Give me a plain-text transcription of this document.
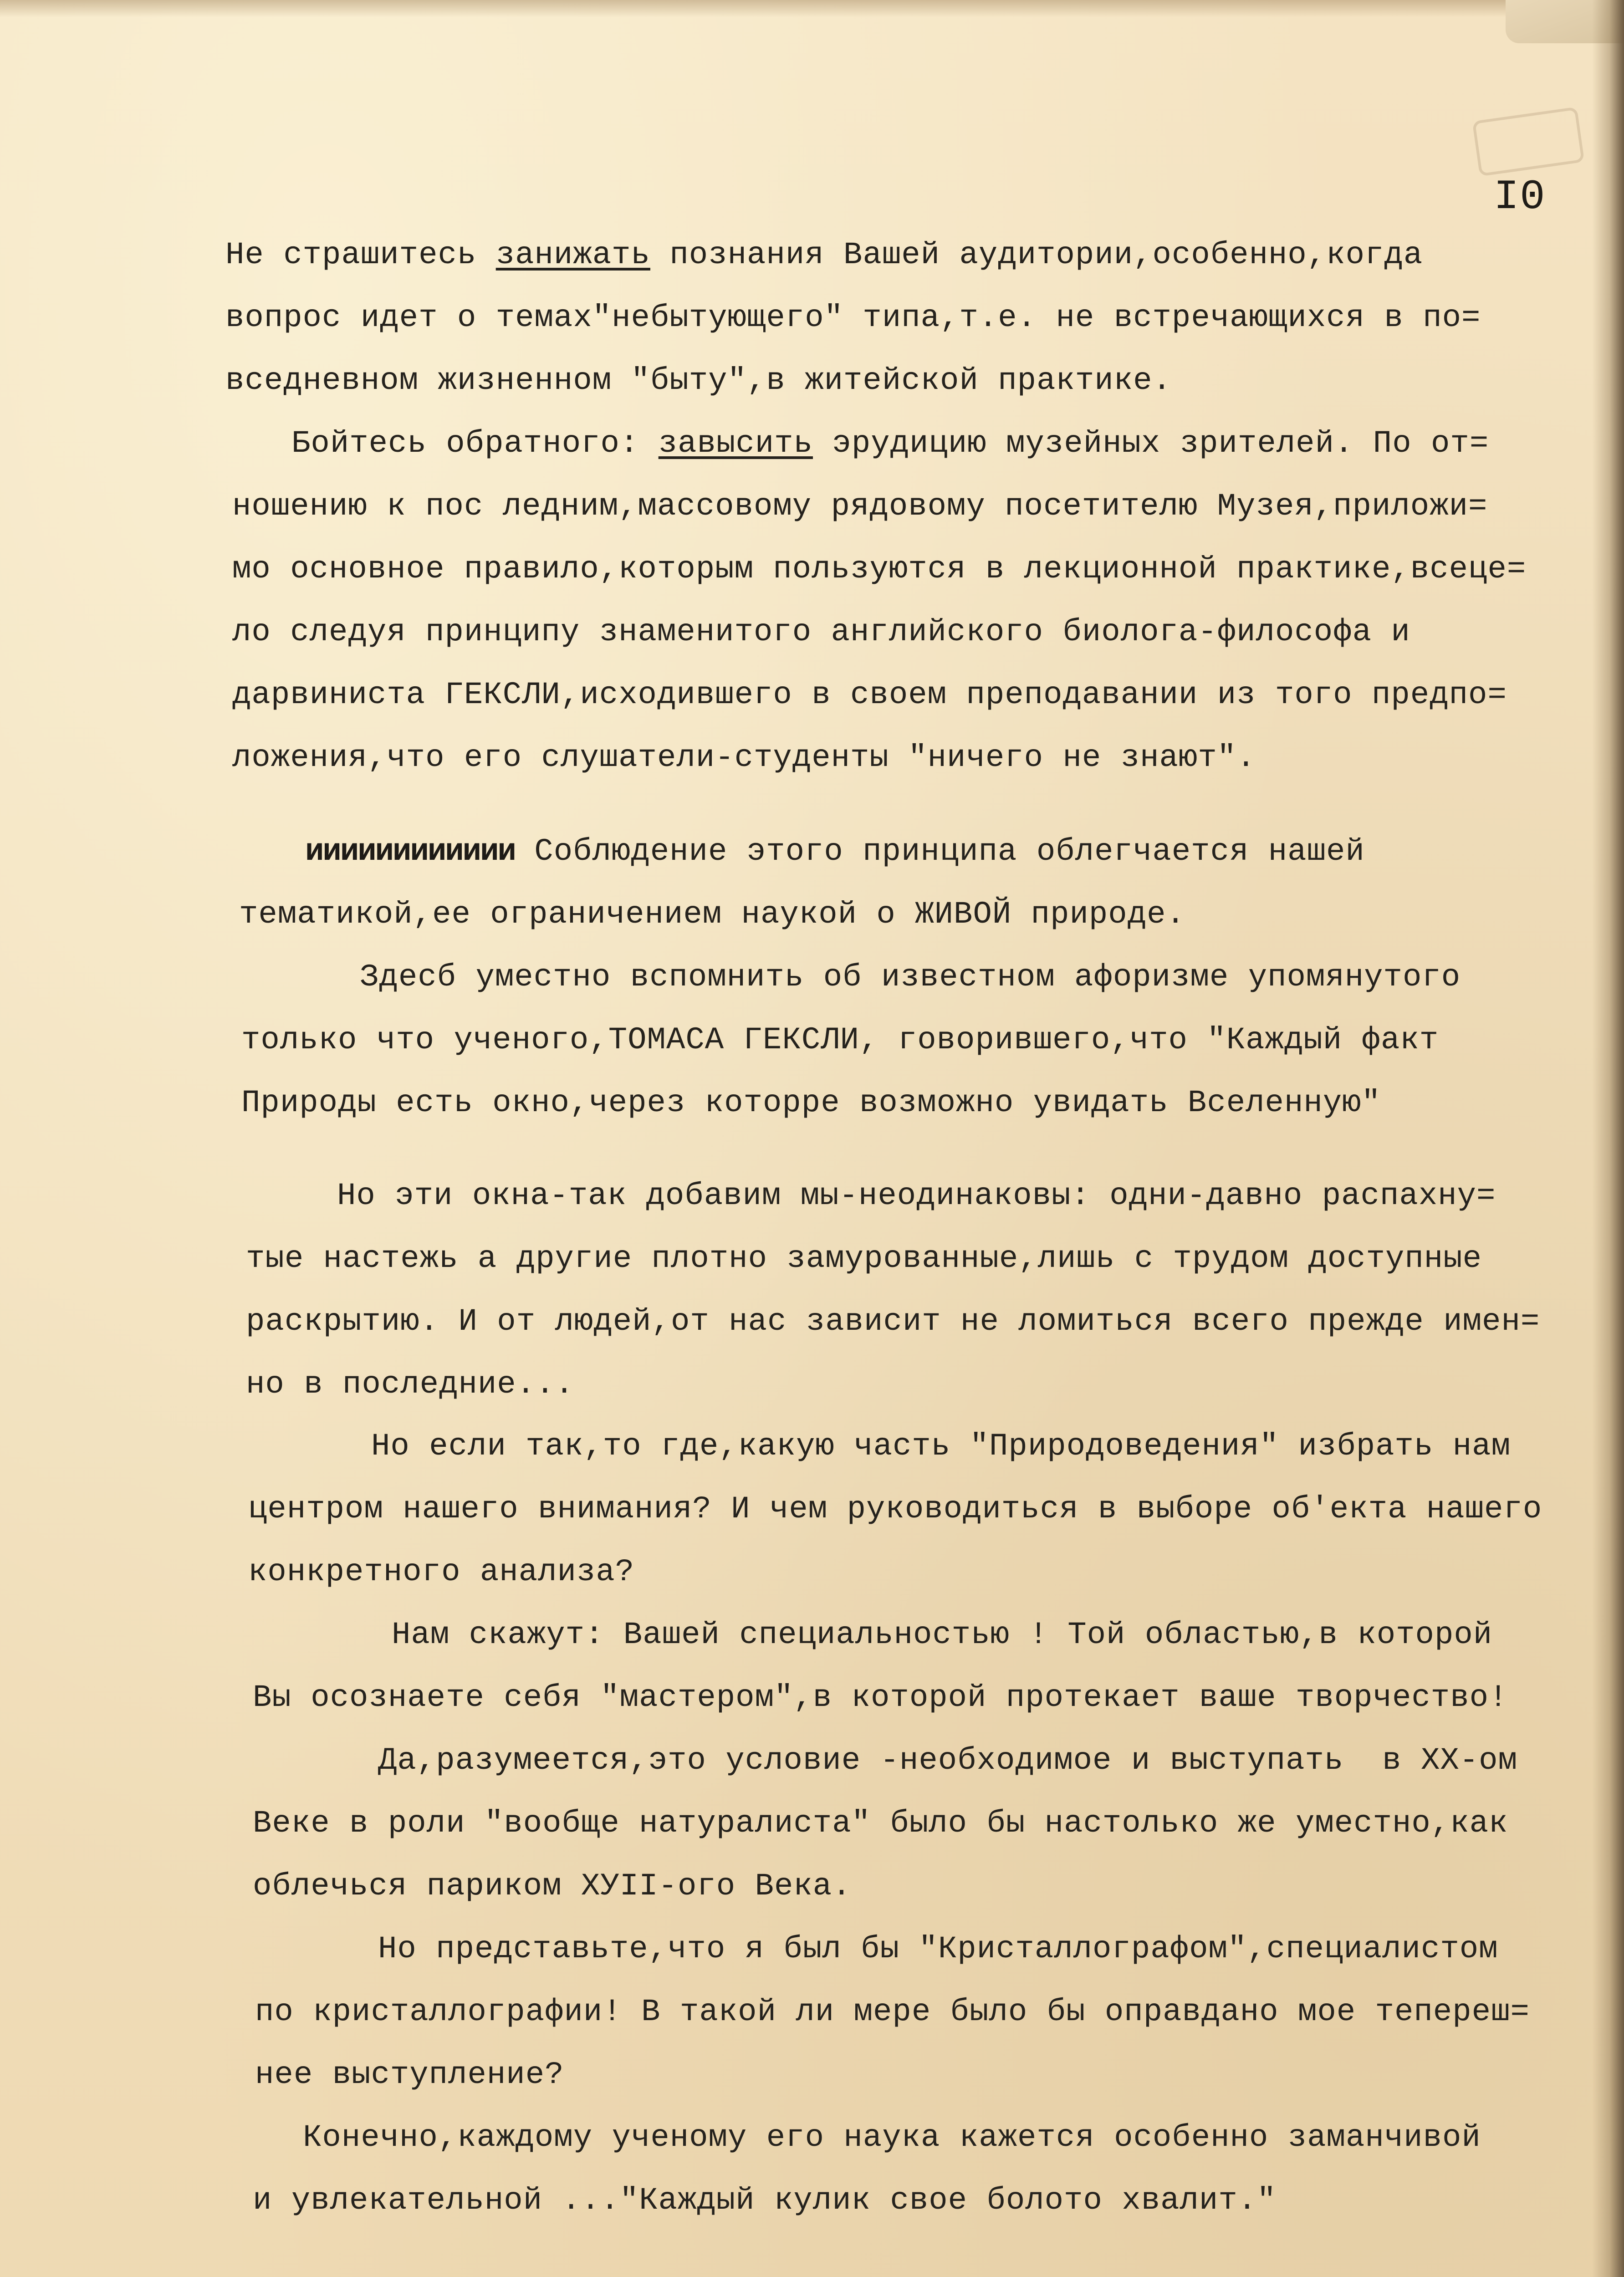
I0
Не страшитесь занижать познания Вашей аудитории,особенно,когда
вопрос идет о темах"небытующего" типа,т.е. не встречающихся в по=
вседневном жизненном "быту",в житейской практике.
Бойтесь обратного: завысить эрудицию музейных зрителей. По от=
ношению к пос ледним,массовому рядовому посетителю Музея,приложи=
мо основное правило,которым пользуются в лекционной практике,всеце=
ло следуя принципу знаменитого английского биолога-философа и
дарвиниста ГЕКСЛИ,исходившего в своем преподавании из того предпо=
ложения,что его слушатели-студенты "ничего не знают".
ииииииииииии Соблюдение этого принципа облегчается нашей
тематикой,ее ограничением наукой о ЖИВОЙ природе.
Здесб уместно вспомнить об известном афоризме упомянутого
только что ученого,ТОМАСА ГЕКСЛИ, говорившего,что "Каждый факт
Природы есть окно,через которре возможно увидать Вселенную"
Но эти окна-так добавим мы-неодинаковы: одни-давно распахну=
тые настежь а другие плотно замурованные,лишь с трудом доступные
раскрытию. И от людей,от нас зависит не ломиться всего прежде имен=
но в последние...
Но если так,то где,какую часть "Природоведения" избрать нам
центром нашего внимания? И чем руководиться в выборе об'екта нашего
конкретного анализа?
Нам скажут: Вашей специальностью ! Той областью,в которой
Вы осознаете себя "мастером",в которой протекает ваше творчество!
Да,разумеется,это условие -необходимое и выступать  в XX-ом
Веке в роли "вообще натуралиста" было бы настолько же уместно,как
облечься париком XУII-ого Века.
Но представьте,что я был бы "Кристаллографом",специалистом
по кристаллографии! В такой ли мере было бы оправдано мое тепереш=
нее выступление?
Конечно,каждому ученому его наука кажется особенно заманчивой
и увлекательной ..."Каждый кулик свое болото хвалит."
